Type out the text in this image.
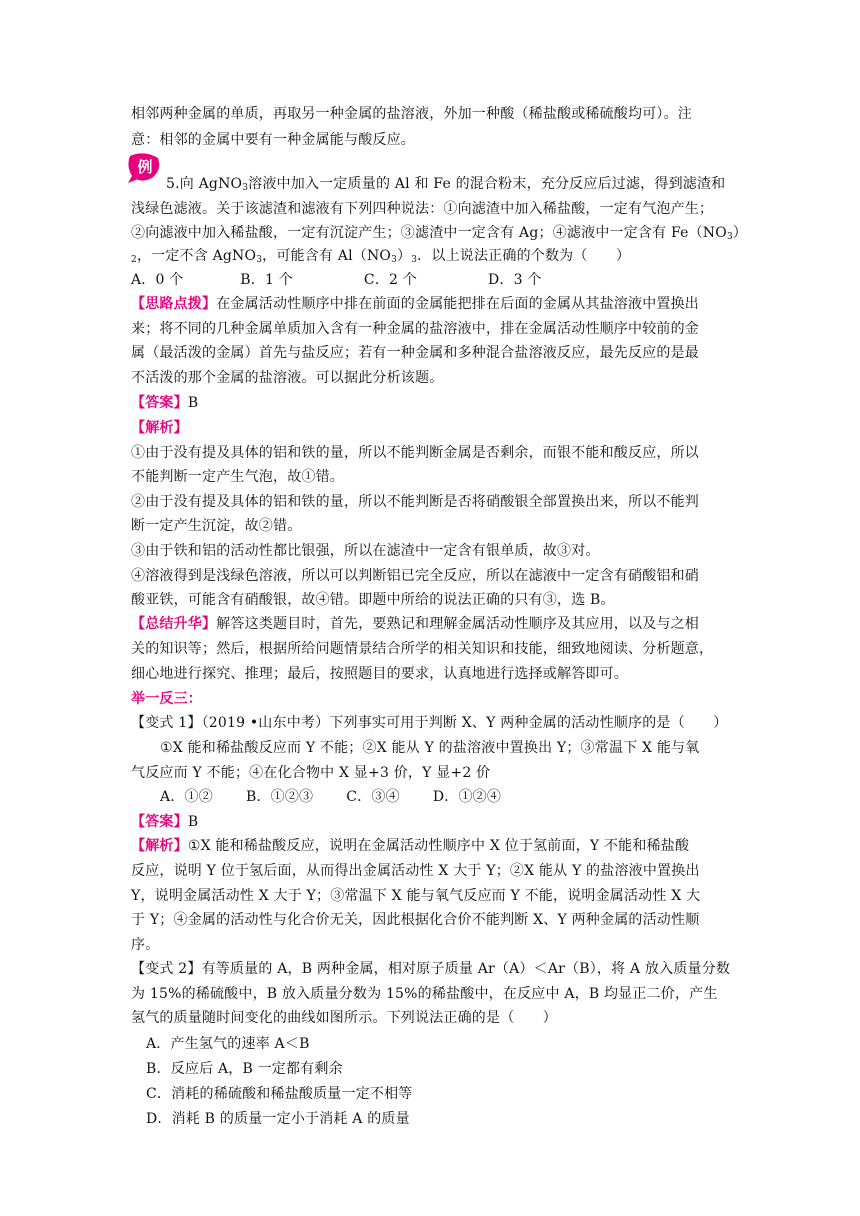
相邻两种金属的单质，再取另一种金属的盐溶液，外加一种酸（稀盐酸或稀硫酸均可）。注
意：相邻的金属中要有一种金属能与酸反应。
例
5.向 AgNO$_3$溶液中加入一定质量的 Al 和 Fe 的混合粉末，充分反应后过滤，得到滤渣和
浅绿色滤液。关于该滤渣和滤液有下列四种说法：①向滤渣中加入稀盐酸，一定有气泡产生；
②向滤液中加入稀盐酸，一定有沉淀产生；③滤渣中一定含有 Ag；④滤液中一定含有 $Fe(NO_3)$
$_2$，一定不含 AgNO$_3$，可能含有 $Al(NO_3)_3$．以上说法正确的个数为（　　）
A．0 个　　　　B．1 个　　　　　C．2 个　　　　　D．3 个
【思路点拨】在金属活动性顺序中排在前面的金属能把排在后面的金属从其盐溶液中置换出
来；将不同的几种金属单质加入含有一种金属的盐溶液中，排在金属活动性顺序中较前的金
属（最活泼的金属）首先与盐反应；若有一种金属和多种混合盐溶液反应，最先反应的是最
不活泼的那个金属的盐溶液。可以据此分析该题。
【答案】B
【解析】
①由于没有提及具体的铝和铁的量，所以不能判断金属是否剩余，而银不能和酸反应，所以
不能判断一定产生气泡，故①错。
②由于没有提及具体的铝和铁的量，所以不能判断是否将硝酸银全部置换出来，所以不能判
断一定产生沉淀，故②错。
③由于铁和铝的活动性都比银强，所以在滤渣中一定含有银单质，故③对。
④溶液得到是浅绿色溶液，所以可以判断铝已完全反应，所以在滤液中一定含有硝酸铝和硝
酸亚铁，可能含有硝酸银，故④错。即题中所给的说法正确的只有③，选 B。
【总结升华】解答这类题目时，首先，要熟记和理解金属活动性顺序及其应用，以及与之相
关的知识等；然后，根据所给问题情景结合所学的相关知识和技能，细致地阅读、分析题意，
细心地进行探究、推理；最后，按照题目的要求，认真地进行选择或解答即可。
举一反三：
【变式 1】（2019 •山东中考）下列事实可用于判断 X、Y 两种金属的活动性顺序的是（　　）
①X 能和稀盐酸反应而 Y 不能；②X 能从 Y 的盐溶液中置换出 Y；③常温下 X 能与氧
气反应而 Y 不能；④在化合物中 X 显+3 价，Y 显+2 价
A．①②　　 B．①②③　　 C．③④　　 D．①②④
【答案】B
【解析】①X 能和稀盐酸反应，说明在金属活动性顺序中 X 位于氢前面，Y 不能和稀盐酸
反应，说明 Y 位于氢后面，从而得出金属活动性 X 大于 Y；②X 能从 Y 的盐溶液中置换出
Y，说明金属活动性 X 大于 Y；③常温下 X 能与氧气反应而 Y 不能，说明金属活动性 X 大
于 Y；④金属的活动性与化合价无关，因此根据化合价不能判断 X、Y 两种金属的活动性顺
序。
【变式 2】有等质量的 A，B 两种金属，相对原子质量 Ar（A）＜Ar（B），将 A 放入质量分数
为 15%的稀硫酸中，B 放入质量分数为 15%的稀盐酸中，在反应中 A，B 均显正二价，产生
氢气的质量随时间变化的曲线如图所示。下列说法正确的是（　　）
A．产生氢气的速率 A＜B
B．反应后 A，B 一定都有剩余
C．消耗的稀硫酸和稀盐酸质量一定不相等
D．消耗 B 的质量一定小于消耗 A 的质量
